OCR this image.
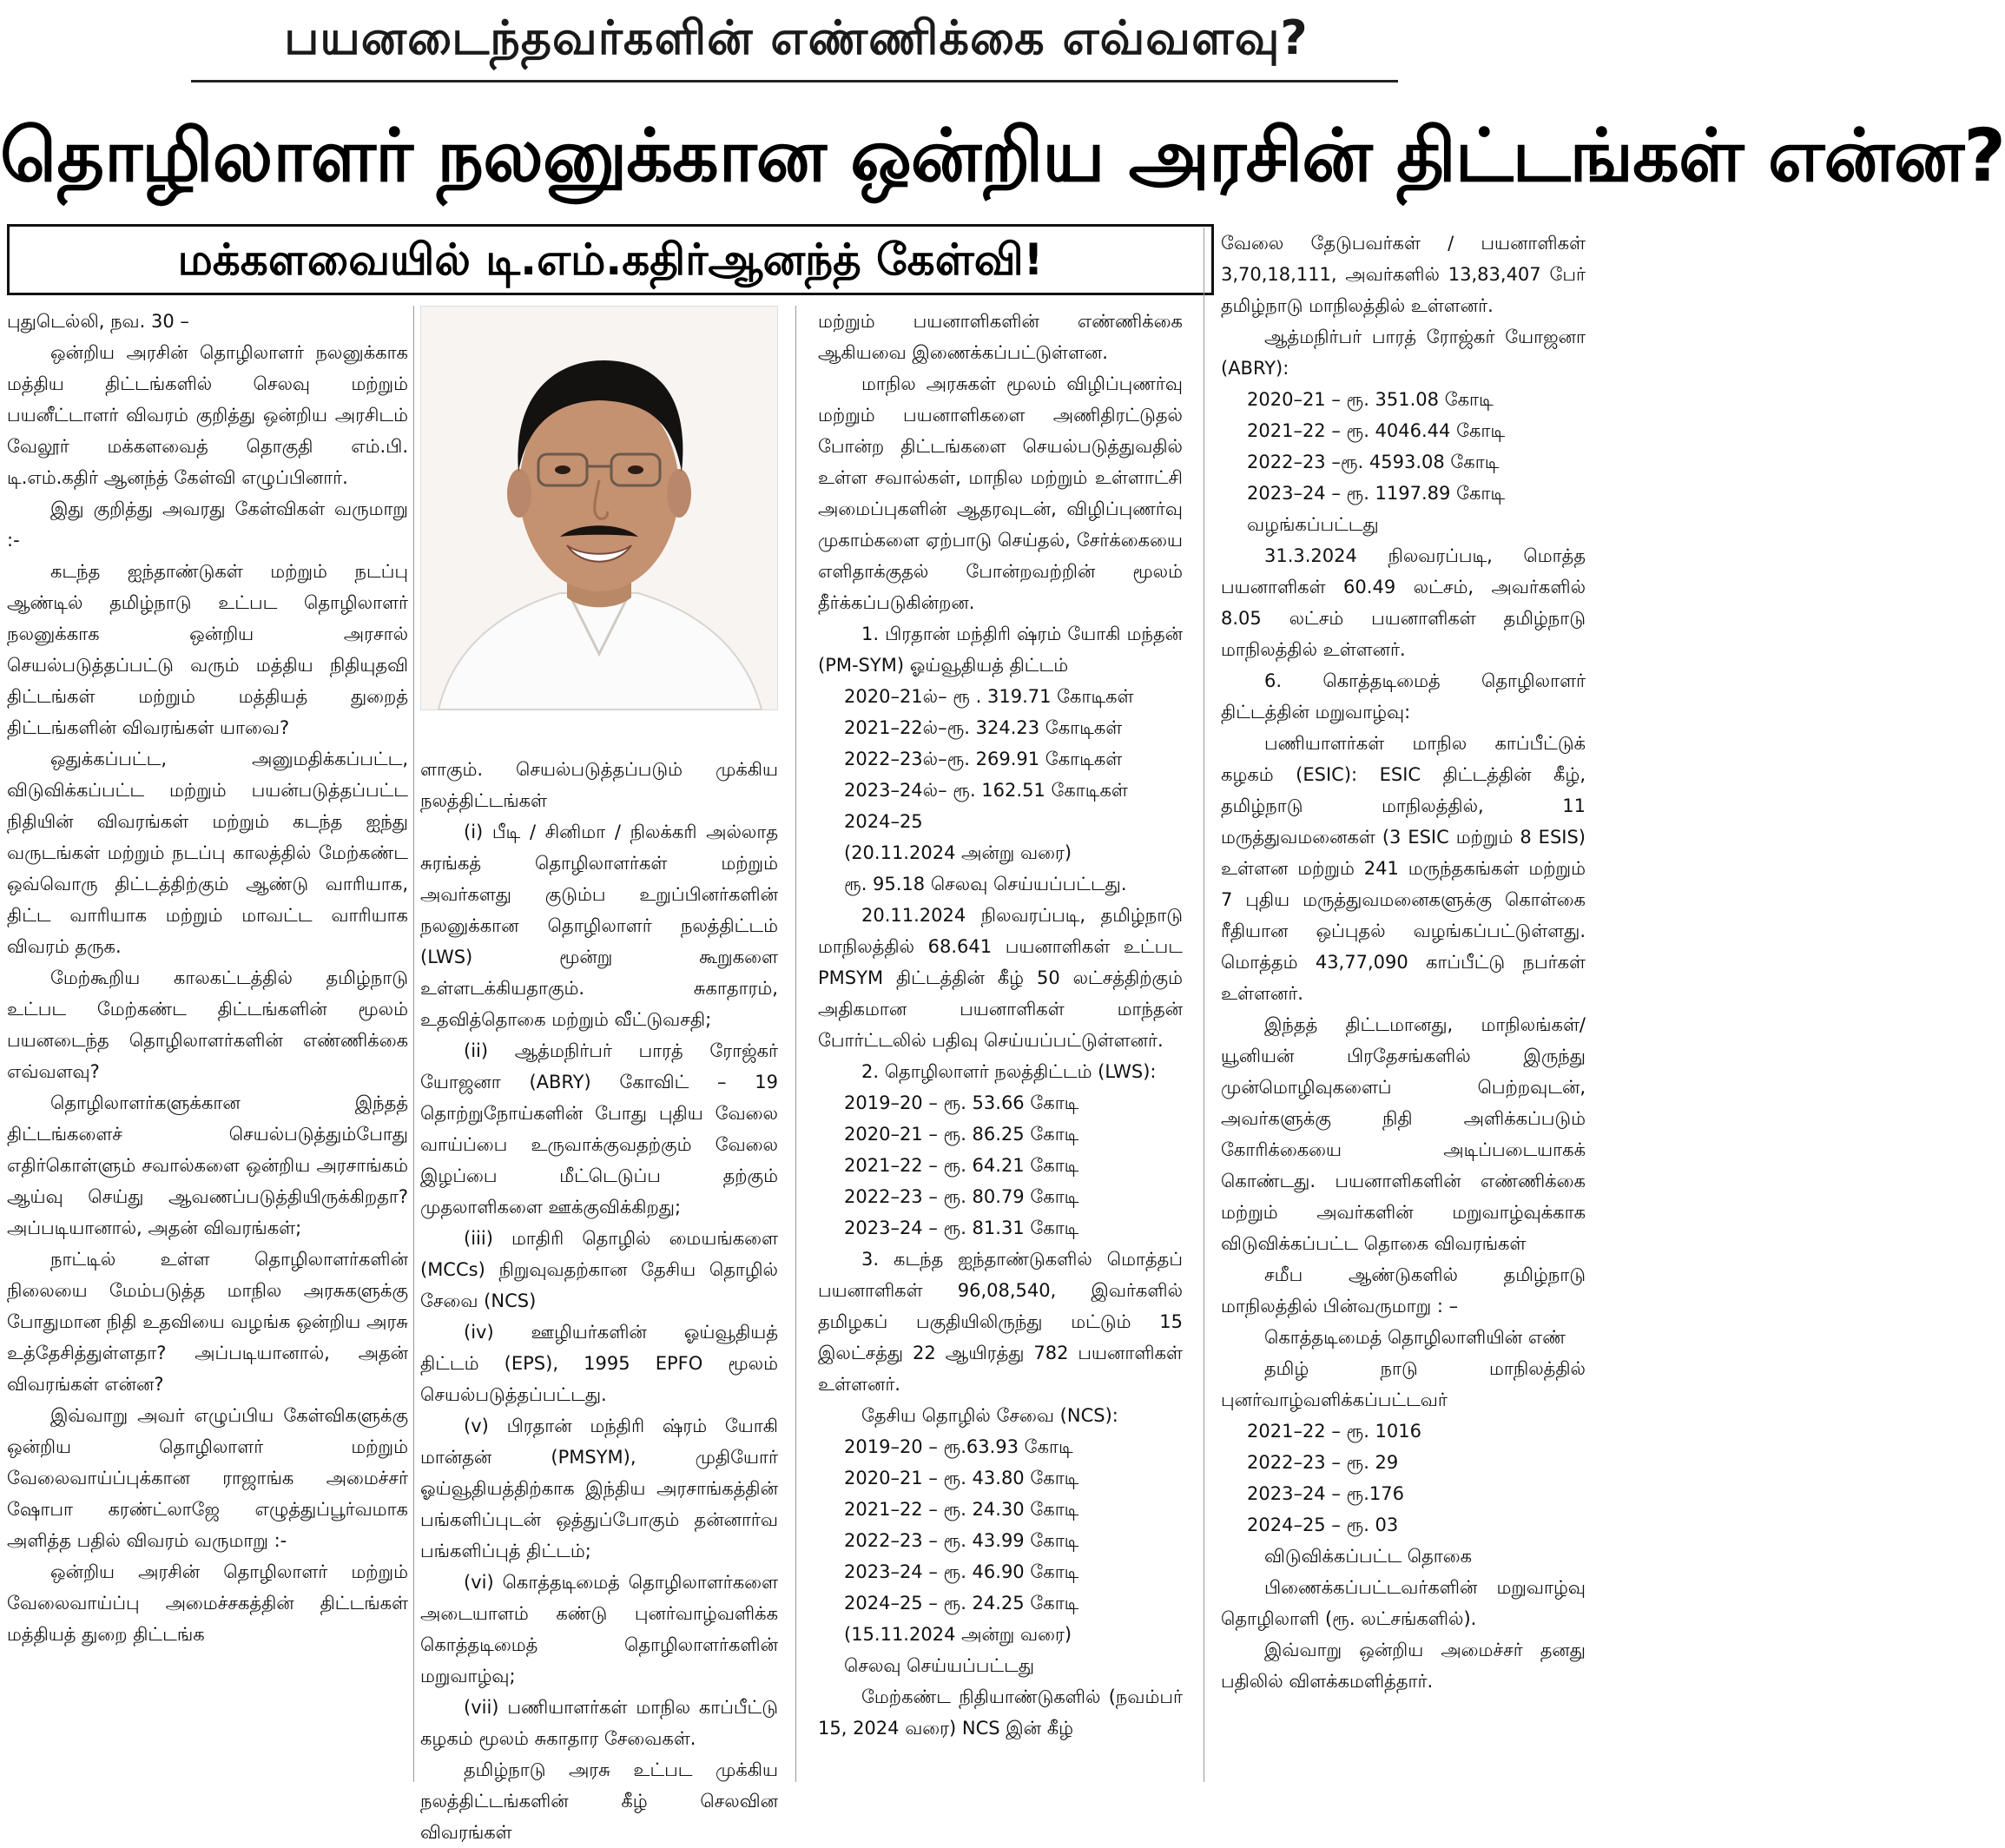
பயனடைந்தவர்களின் எண்ணிக்கை எவ்வளவு?
தொழிலாளர் நலனுக்கான ஒன்றிய அரசின் திட்டங்கள் என்ன?
மக்களவையில் டி.எம்.கதிர்ஆனந்த் கேள்வி!

புதுடெல்லி, நவ. 30 –

ஒன்றிய அரசின் தொழிலாளர் நலனுக்காக மத்திய திட்டங்களில் செலவு மற்றும் பயனீட்டாளர் விவரம் குறித்து ஒன்றிய அரசிடம் வேலூர் மக்களவைத் தொகுதி எம்.பி. டி.எம்.கதிர் ஆனந்த் கேள்வி எழுப்பினார்.

இது குறித்து அவரது கேள்விகள் வருமாறு :-

கடந்த ஐந்தாண்டுகள் மற்றும் நடப்பு ஆண்டில் தமிழ்நாடு உட்பட தொழிலாளர் நலனுக்காக ஒன்றிய அரசால் செயல்படுத்தப்பட்டு வரும் மத்திய நிதியுதவி திட்டங்கள் மற்றும் மத்தியத் துறைத் திட்டங்களின் விவரங்கள் யாவை?

ஒதுக்கப்பட்ட, அனுமதிக்கப்பட்ட, விடுவிக்கப்பட்ட மற்றும் பயன்படுத்தப்பட்ட நிதியின் விவரங்கள் மற்றும் கடந்த ஐந்து வருடங்கள் மற்றும் நடப்பு காலத்தில் மேற்கண்ட ஒவ்வொரு திட்டத்திற்கும் ஆண்டு வாரியாக, திட்ட வாரியாக மற்றும் மாவட்ட வாரியாக விவரம் தருக.

மேற்கூறிய காலகட்டத்தில் தமிழ்நாடு உட்பட மேற்கண்ட திட்டங்களின் மூலம் பயனடைந்த தொழிலாளர்களின் எண்ணிக்கை எவ்வளவு?

தொழிலாளர்களுக்கான இந்தத் திட்டங்களைச் செயல்படுத்தும்போது எதிர்கொள்ளும் சவால்களை ஒன்றிய அரசாங்கம் ஆய்வு செய்து ஆவணப்படுத்தியிருக்கிறதா? அப்படியானால், அதன் விவரங்கள்;

நாட்டில் உள்ள தொழிலாளர்களின் நிலையை மேம்படுத்த மாநில அரசுகளுக்கு போதுமான நிதி உதவியை வழங்க ஒன்றிய அரசு உத்தேசித்துள்ளதா? அப்படியானால், அதன் விவரங்கள் என்ன?

இவ்வாறு அவர் எழுப்பிய கேள்விகளுக்கு ஒன்றிய தொழிலாளர் மற்றும் வேலைவாய்ப்புக்கான ராஜாங்க அமைச்சர் ஷோபா கரண்ட்லாஜே எழுத்துப்பூர்வமாக அளித்த பதில் விவரம் வருமாறு :-

ஒன்றிய அரசின் தொழிலாளர் மற்றும் வேலைவாய்ப்பு அமைச்சகத்தின் திட்டங்கள் மத்தியத் துறை திட்டங்க

ளாகும். செயல்படுத்தப்படும் முக்கிய நலத்திட்டங்கள்

(i) பீடி / சினிமா / நிலக்கரி அல்லாத சுரங்கத் தொழிலாளர்கள் மற்றும் அவர்களது குடும்ப உறுப்பினர்களின் நலனுக்கான தொழிலாளர் நலத்திட்டம் (LWS) மூன்று கூறுகளை உள்ளடக்கியதாகும். சுகாதாரம், உதவித்தொகை மற்றும் வீட்டுவசதி;

(ii) ஆத்மநிர்பர் பாரத் ரோஜ்கர் யோஜனா (ABRY) கோவிட் – 19 தொற்றுநோய்களின் போது புதிய வேலை வாய்ப்பை உருவாக்குவதற்கும் வேலை இழப்பை மீட்டெடுப்ப தற்கும் முதலாளிகளை ஊக்குவிக்கிறது;

(iii) மாதிரி தொழில் மையங்களை (MCCs) நிறுவுவதற்கான தேசிய தொழில் சேவை (NCS)

(iv) ஊழியர்களின் ஓய்வூதியத் திட்டம் (EPS), 1995 EPFO மூலம் செயல்படுத்தப்பட்டது.

(v) பிரதான் மந்திரி ஷ்ரம் யோகி மான்தன் (PMSYM), முதியோர் ஓய்வூதியத்திற்காக இந்திய அரசாங்கத்தின் பங்களிப்புடன் ஒத்துப்போகும் தன்னார்வ பங்களிப்புத் திட்டம்;

(vi) கொத்தடிமைத் தொழிலாளர்களை அடையாளம் கண்டு புனர்வாழ்வளிக்க கொத்தடிமைத் தொழிலாளர்களின் மறுவாழ்வு;

(vii) பணியாளர்கள் மாநில காப்பீட்டு கழகம் மூலம் சுகாதார சேவைகள்.

தமிழ்நாடு அரசு உட்பட முக்கிய நலத்திட்டங்களின் கீழ் செலவின விவரங்கள்

மற்றும் பயனாளிகளின் எண்ணிக்கை ஆகியவை இணைக்கப்பட்டுள்ளன.

மாநில அரசுகள் மூலம் விழிப்புணர்வு மற்றும் பயனாளிகளை அணிதிரட்டுதல் போன்ற திட்டங்களை செயல்படுத்துவதில் உள்ள சவால்கள், மாநில மற்றும் உள்ளாட்சி அமைப்புகளின் ஆதரவுடன், விழிப்புணர்வு முகாம்களை ஏற்பாடு செய்தல், சேர்க்கையை எளிதாக்குதல் போன்றவற்றின் மூலம் தீர்க்கப்படுகின்றன.

1. பிரதான் மந்திரி ஷ்ரம் யோகி மந்தன் (PM-SYM) ஓய்வூதியத் திட்டம்

2020–21ல்– ரூ . 319.71 கோடிகள்

2021–22ல்–ரூ. 324.23 கோடிகள்

2022–23ல்–ரூ. 269.91 கோடிகள்

2023–24ல்– ரூ. 162.51 கோடிகள்

2024–25

(20.11.2024 அன்று வரை)

ரூ. 95.18 செலவு செய்யப்பட்டது.

20.11.2024 நிலவரப்படி, தமிழ்நாடு மாநிலத்தில் 68.641 பயனாளிகள் உட்பட PMSYM திட்டத்தின் கீழ் 50 லட்சத்திற்கும் அதிகமான பயனாளிகள் மாந்தன் போர்ட்டலில் பதிவு செய்யப்பட்டுள்ளனர்.

2. தொழிலாளர் நலத்திட்டம் (LWS):

2019–20 – ரூ. 53.66 கோடி

2020–21 – ரூ. 86.25 கோடி

2021–22 – ரூ. 64.21 கோடி

2022–23 – ரூ. 80.79 கோடி

2023–24 – ரூ. 81.31 கோடி

3. கடந்த ஐந்தாண்டுகளில் மொத்தப் பயனாளிகள் 96,08,540, இவர்களில் தமிழகப் பகுதியிலிருந்து மட்டும் 15 இலட்சத்து 22 ஆயிரத்து 782 பயனாளிகள் உள்ளனர்.

தேசிய தொழில் சேவை (NCS):

2019–20 – ரூ.63.93 கோடி

2020–21 – ரூ. 43.80 கோடி

2021–22 – ரூ. 24.30 கோடி

2022–23 – ரூ. 43.99 கோடி

2023–24 – ரூ. 46.90 கோடி

2024–25 – ரூ. 24.25 கோடி

(15.11.2024 அன்று வரை)

செலவு செய்யப்பட்டது

மேற்கண்ட நிதியாண்டுகளில் (நவம்பர் 15, 2024 வரை) NCS இன் கீழ்

வேலை தேடுபவர்கள் / பயனாளிகள் 3,70,18,111, அவர்களில் 13,83,407 பேர் தமிழ்நாடு மாநிலத்தில் உள்ளனர்.

ஆத்மநிர்பர் பாரத் ரோஜ்கர் யோஜனா (ABRY):

2020–21 – ரூ. 351.08 கோடி

2021–22 – ரூ. 4046.44 கோடி

2022–23 –ரூ. 4593.08 கோடி

2023–24 – ரூ. 1197.89 கோடி

வழங்கப்பட்டது

31.3.2024 நிலவரப்படி, மொத்த பயனாளிகள் 60.49 லட்சம், அவர்களில் 8.05 லட்சம் பயனாளிகள் தமிழ்நாடு மாநிலத்தில் உள்ளனர்.

6. கொத்தடிமைத் தொழிலாளர் திட்டத்தின் மறுவாழ்வு:

பணியாளர்கள் மாநில காப்பீட்டுக் கழகம் (ESIC): ESIC திட்டத்தின் கீழ், தமிழ்நாடு மாநிலத்தில், 11 மருத்துவமனைகள் (3 ESIC மற்றும் 8 ESIS) உள்ளன மற்றும் 241 மருந்தகங்கள் மற்றும் 7 புதிய மருத்துவமனைகளுக்கு கொள்கை ரீதியான ஒப்புதல் வழங்கப்பட்டுள்ளது. மொத்தம் 43,77,090 காப்பீட்டு நபர்கள் உள்ளனர்.

இந்தத் திட்டமானது, மாநிலங்கள்/ யூனியன் பிரதேசங்களில் இருந்து முன்மொழிவுகளைப் பெற்றவுடன், அவர்களுக்கு நிதி அளிக்கப்படும் கோரிக்கையை அடிப்படையாகக் கொண்டது. பயனாளிகளின் எண்ணிக்கை மற்றும் அவர்களின் மறுவாழ்வுக்காக விடுவிக்கப்பட்ட தொகை விவரங்கள்

சமீப ஆண்டுகளில் தமிழ்நாடு மாநிலத்தில் பின்வருமாறு : –

கொத்தடிமைத் தொழிலாளியின் எண்

தமிழ் நாடு மாநிலத்தில் புனர்வாழ்வளிக்கப்பட்டவர்

2021–22 – ரூ. 1016

2022–23 – ரூ. 29

2023–24 – ரூ.176

2024–25 – ரூ. 03

விடுவிக்கப்பட்ட தொகை

பிணைக்கப்பட்டவர்களின் மறுவாழ்வு தொழிலாளி (ரூ. லட்சங்களில்).

இவ்வாறு ஒன்றிய அமைச்சர் தனது பதிலில் விளக்கமளித்தார்.
